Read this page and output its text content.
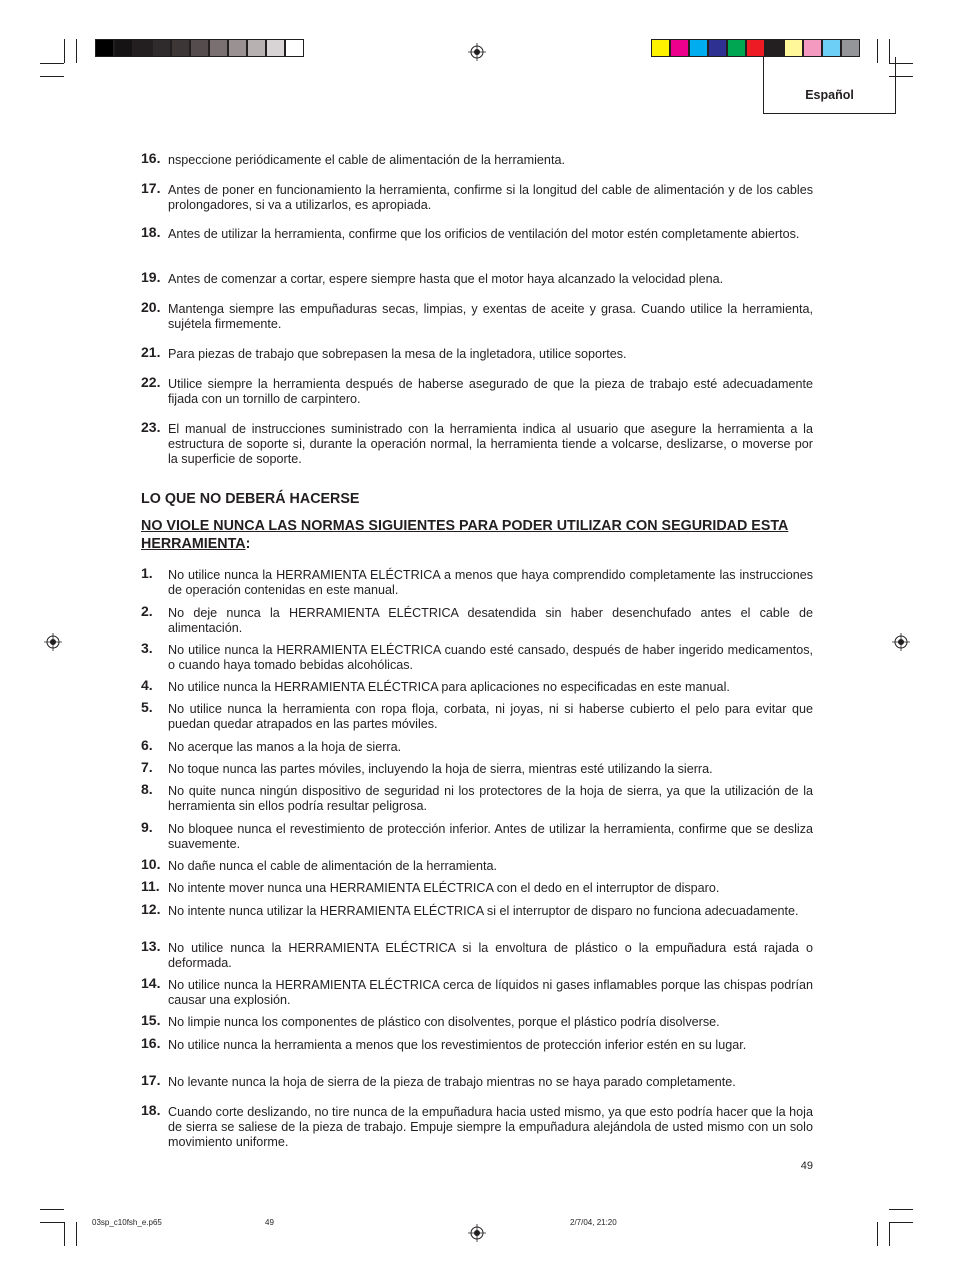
Español
16. nspeccione periódicamente el cable de alimentación de la herramienta.
17. Antes de poner en funcionamiento la herramienta, confirme si la longitud del cable de alimentación y de los cables prolongadores, si va a utilizarlos, es apropiada.
18. Antes de utilizar la herramienta, confirme que los orificios de ventilación del motor estén completamente abiertos.
19. Antes de comenzar a cortar, espere siempre hasta que el motor haya alcanzado la velocidad plena.
20. Mantenga siempre las empuñaduras secas, limpias, y exentas de aceite y grasa. Cuando utilice la herramienta, sujétela firmemente.
21. Para piezas de trabajo que sobrepasen la mesa de la ingletadora, utilice soportes.
22. Utilice siempre la herramienta después de haberse asegurado de que la pieza de trabajo esté adecuadamente fijada con un tornillo de carpintero.
23. El manual de instrucciones suministrado con la herramienta indica al usuario que asegure la herramienta a la estructura de soporte si, durante la operación normal, la herramienta tiende a volcarse, deslizarse, o moverse por la superficie de soporte.
LO QUE NO DEBERÁ HACERSE
NO VIOLE NUNCA LAS NORMAS SIGUIENTES PARA PODER UTILIZAR CON SEGURIDAD ESTA HERRAMIENTA:
1. No utilice nunca la HERRAMIENTA ELÉCTRICA a menos que haya comprendido completamente las instrucciones de operación contenidas en este manual.
2. No deje nunca la HERRAMIENTA ELÉCTRICA desatendida sin haber desenchufado antes el cable de alimentación.
3. No utilice nunca la HERRAMIENTA ELÉCTRICA cuando esté cansado, después de haber ingerido medicamentos, o cuando haya tomado bebidas alcohólicas.
4. No utilice nunca la HERRAMIENTA ELÉCTRICA para aplicaciones no especificadas en este manual.
5. No utilice nunca la herramienta con ropa floja, corbata, ni joyas, ni si haberse cubierto el pelo para evitar que puedan quedar atrapados en las partes móviles.
6. No acerque las manos a la hoja de sierra.
7. No toque nunca las partes móviles, incluyendo la hoja de sierra, mientras esté utilizando la sierra.
8. No quite nunca ningún dispositivo de seguridad ni los protectores de la hoja de sierra, ya que la utilización de la herramienta sin ellos podría resultar peligrosa.
9. No bloquee nunca el revestimiento de protección inferior. Antes de utilizar la herramienta, confirme que se desliza suavemente.
10. No dañe nunca el cable de alimentación de la herramienta.
11. No intente mover nunca una HERRAMIENTA ELÉCTRICA con el dedo en el interruptor de disparo.
12. No intente nunca utilizar la HERRAMIENTA ELÉCTRICA si el interruptor de disparo no funciona adecuadamente.
13. No utilice nunca la HERRAMIENTA ELÉCTRICA si la envoltura de plástico o la empuñadura está rajada o deformada.
14. No utilice nunca la HERRAMIENTA ELÉCTRICA cerca de líquidos ni gases inflamables porque las chispas podrían causar una explosión.
15. No limpie nunca los componentes de plástico con disolventes, porque el plástico podría disolverse.
16. No utilice nunca la herramienta a menos que los revestimientos de protección inferior estén en su lugar.
17. No levante nunca la hoja de sierra de la pieza de trabajo mientras no se haya parado completamente.
18. Cuando corte deslizando, no tire nunca de la empuñadura hacia usted mismo, ya que esto podría hacer que la hoja de sierra se saliese de la pieza de trabajo. Empuje siempre la empuñadura alejándola de usted mismo con un solo movimiento uniforme.
49
03sp_c10fsh_e.p65	49	2/7/04, 21:20
